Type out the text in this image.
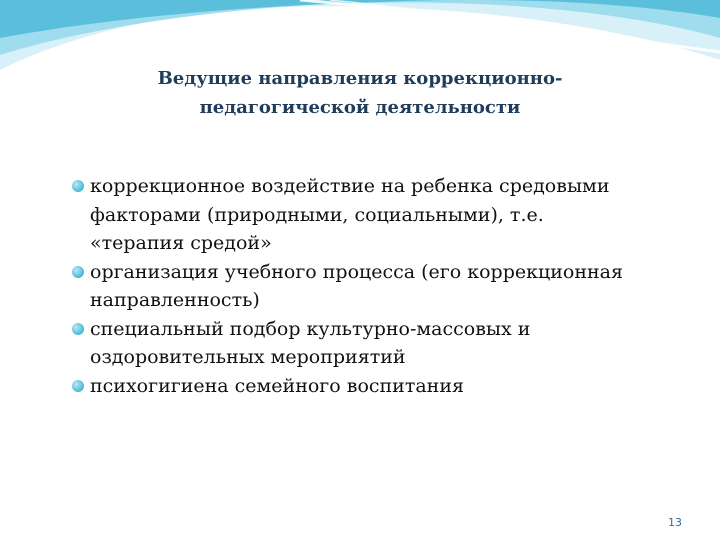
Ведущие направления коррекционно-
педагогической деятельности
коррекционное воздействие на ребенка средовыми
факторами (природными, социальными), т.е.
«терапия средой»
организация учебного процесса (его коррекционная
направленность)
специальный подбор культурно-массовых и
оздоровительных мероприятий
психогигиена семейного воспитания
13
